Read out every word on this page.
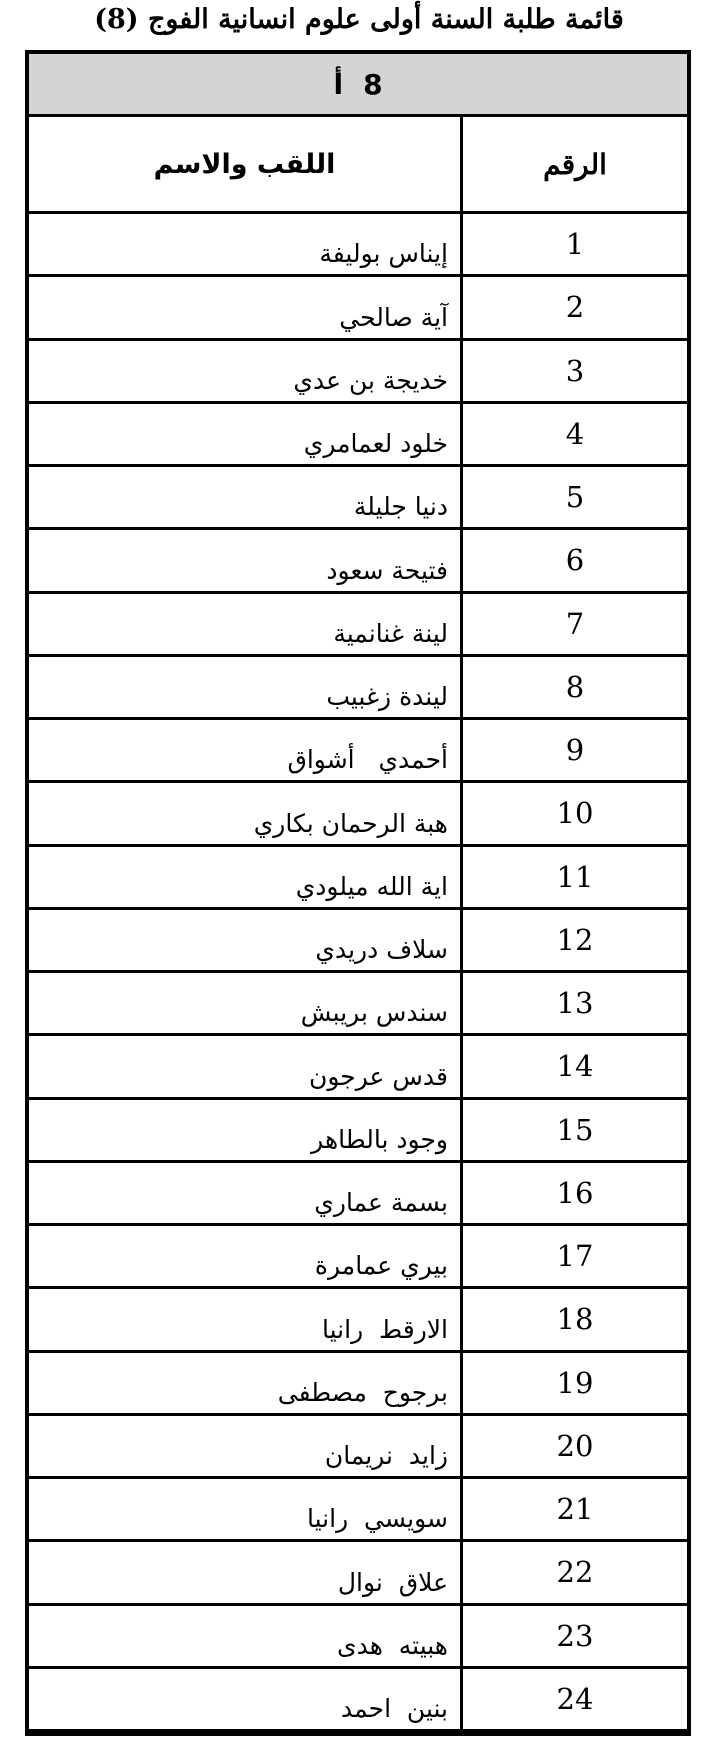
قائمة طلبة السنة أولى علوم انسانية الفوج (8)
8
أ
الرقم
اللقب والاسم
1
إيناس بوليفة
2
آية صالحي
3
خديجة بن عدي
4
خلود لعمامري
5
دنيا جليلة
6
فتيحة سعود
7
لينة غنانمية
8
ليندة زغبيب
9
أحمدي   أشواق
10
هبة الرحمان بكاري
11
اية الله ميلودي
12
سلاف دريدي
13
سندس بريبش
14
قدس عرجون
15
وجود بالطاهر
16
بسمة عماري
17
بيري عمامرة
18
الارقط  رانيا
19
برجوح  مصطفى
20
زايد  نريمان
21
سويسي  رانيا
22
علاق  نوال
23
هبيته  هدى
24
بنين  احمد
